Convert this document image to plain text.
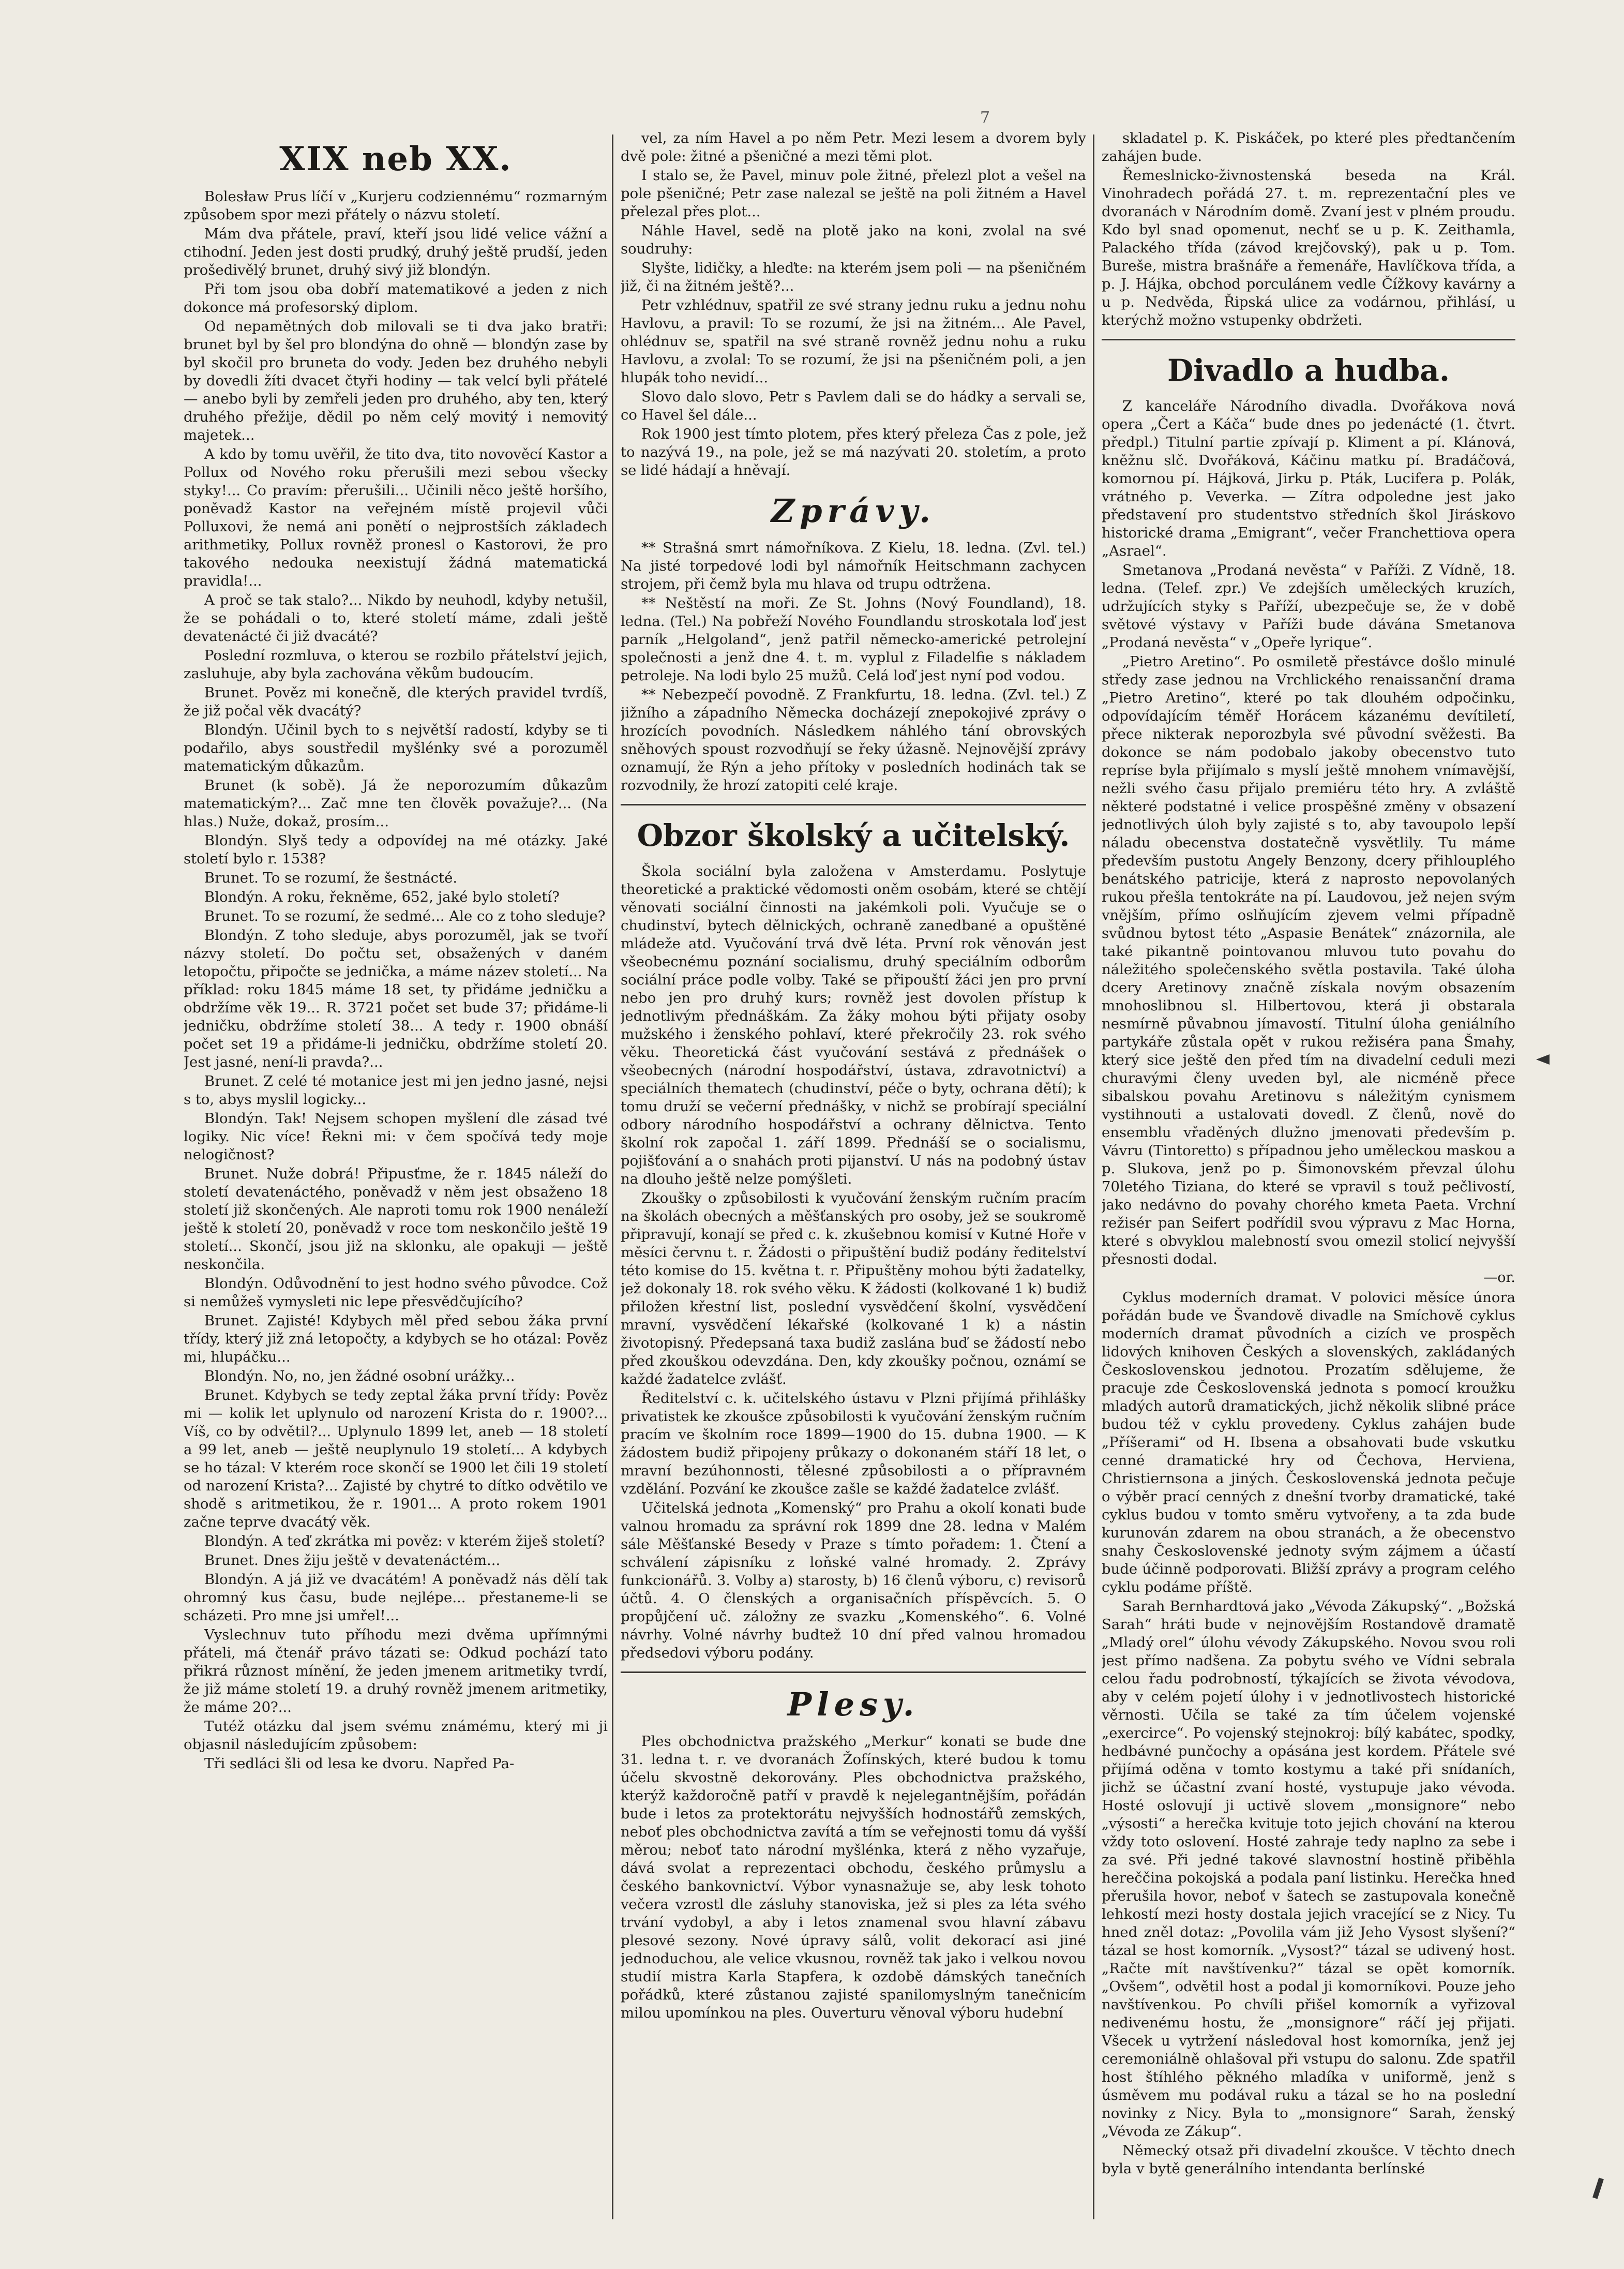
7
XIX neb XX.

Bolesław Prus líčí v „Kurjeru codziennému“ rozmarným způsobem spor mezi přátely o názvu století.

Mám dva přátele, praví, kteří jsou lidé velice vážní a ctihodní. Jeden jest dosti prudký, druhý ještě prudší, jeden prošedivělý brunet, druhý sivý již blondýn.

Při tom jsou oba dobří matematikové a jeden z nich dokonce má profesorský diplom.

Od nepamětných dob milovali se ti dva jako bratři: brunet byl by šel pro blondýna do ohně — blondýn zase by byl skočil pro bruneta do vody. Jeden bez druhého nebyli by dovedli žíti dvacet čtyři hodiny — tak velcí byli přátelé — anebo byli by zemřeli jeden pro druhého, aby ten, který druhého přežije, dědil po něm celý movitý i nemovitý majetek...

A kdo by tomu uvěřil, že tito dva, tito novověcí Kastor a Pollux od Nového roku přerušili mezi sebou všecky styky!... Co pravím: přerušili... Učinili něco ještě horšího, poněvadž Kastor na veřejném místě projevil vůči Polluxovi, že nemá ani ponětí o nejprostších základech arithmetiky, Pollux rovněž pronesl o Kastorovi, že pro takového nedouka neexistují žádná matematická pravidla!...

A proč se tak stalo?... Nikdo by neuhodl, kdyby netušil, že se pohádali o to, které století máme, zdali ještě devatenácté či již dvacáté?

Poslední rozmluva, o kterou se rozbilo přátelství jejich, zasluhuje, aby byla zachována věkům budoucím.

Brunet. Pověz mi konečně, dle kterých pravidel tvrdíš, že již počal věk dvacátý?

Blondýn. Učinil bych to s největší radostí, kdyby se ti podařilo, abys soustředil myšlénky své a porozuměl matematickým důkazům.

Brunet (k sobě). Já že neporozumím důkazům matematickým?... Zač mne ten člověk považuje?... (Na hlas.) Nuže, dokaž, prosím...

Blondýn. Slyš tedy a odpovídej na mé otázky. Jaké století bylo r. 1538?

Brunet. To se rozumí, že šestnácté.

Blondýn. A roku, řekněme, 652, jaké bylo století?

Brunet. To se rozumí, že sedmé... Ale co z toho sleduje?

Blondýn. Z toho sleduje, abys porozuměl, jak se tvoří názvy století. Do počtu set, obsažených v daném letopočtu, připočte se jednička, a máme název století... Na příklad: roku 1845 máme 18 set, ty přidáme jedničku a obdržíme věk 19... R. 3721 počet set bude 37; přidáme-li jedničku, obdržíme století 38... A tedy r. 1900 obnáší počet set 19 a přidáme-li jedničku, obdržíme století 20. Jest jasné, není-li pravda?...

Brunet. Z celé té motanice jest mi jen jedno jasné, nejsi s to, abys myslil logicky...

Blondýn. Tak! Nejsem schopen myšlení dle zásad tvé logiky. Nic více! Řekni mi: v čem spočívá tedy moje nelogičnost?

Brunet. Nuže dobrá! Připusťme, že r. 1845 náleží do století devatenáctého, poněvadž v něm jest obsaženo 18 století již skončených. Ale naproti tomu rok 1900 nenáleží ještě k století 20, poněvadž v roce tom neskončilo ještě 19 století... Skončí, jsou již na sklonku, ale opakuji — ještě neskončila.

Blondýn. Odůvodnění to jest hodno svého původce. Což si nemůžeš vymysleti nic lepe přesvědčujícího?

Brunet. Zajisté! Kdybych měl před sebou žáka první třídy, který již zná letopočty, a kdybych se ho otázal: Pověz mi, hlupáčku...

Blondýn. No, no, jen žádné osobní urážky...

Brunet. Kdybych se tedy zeptal žáka první třídy: Pověz mi — kolik let uplynulo od narození Krista do r. 1900?... Víš, co by odvětil?... Uplynulo 1899 let, aneb — 18 století a 99 let, aneb — ještě neuplynulo 19 století... A kdybych se ho tázal: V kterém roce skončí se 1900 let čili 19 století od narození Krista?... Zajisté by chytré to dítko odvětilo ve shodě s aritmetikou, že r. 1901... A proto rokem 1901 začne teprve dvacátý věk.

Blondýn. A teď zkrátka mi pověz: v kterém žiješ století?

Brunet. Dnes žiju ještě v devatenáctém...

Blondýn. A já již ve dvacátém! A poněvadž nás dělí tak ohromný kus času, bude nejlépe... přestaneme-li se scházeti. Pro mne jsi umřel!...

Vyslechnuv tuto příhodu mezi dvěma upřímnými přáteli, má čtenář právo tázati se: Odkud pochází tato přikrá různost mínění, že jeden jmenem aritmetiky tvrdí, že již máme století 19. a druhý rovněž jmenem aritmetiky, že máme 20?...

Tutéž otázku dal jsem svému známému, který mi ji objasnil následujícím způsobem:

Tři sedláci šli od lesa ke dvoru. Napřed Pa-

vel, za ním Havel a po něm Petr. Mezi lesem a dvorem byly dvě pole: žitné a pšeničné a mezi těmi plot.

I stalo se, že Pavel, minuv pole žitné, přelezl plot a vešel na pole pšeničné; Petr zase nalezal se ještě na poli žitném a Havel přelezal přes plot...

Náhle Havel, sedě na plotě jako na koni, zvolal na své soudruhy:

Slyšte, lidičky, a hleďte: na kterém jsem poli — na pšeničném již, či na žitném ještě?...

Petr vzhlédnuv, spatřil ze své strany jednu ruku a jednu nohu Havlovu, a pravil: To se rozumí, že jsi na žitném... Ale Pavel, ohlédnuv se, spatřil na své straně rovněž jednu nohu a ruku Havlovu, a zvolal: To se rozumí, že jsi na pšeničném poli, a jen hlupák toho nevidí...

Slovo dalo slovo, Petr s Pavlem dali se do hádky a servali se, co Havel šel dále...

Rok 1900 jest tímto plotem, přes který přeleza Čas z pole, jež to nazývá 19., na pole, jež se má nazývati 20. stoletím, a proto se lidé hádají a hněvají.

Zprávy.

** Strašná smrt námořníkova. Z Kielu, 18. ledna. (Zvl. tel.) Na jisté torpedové lodi byl námořník Heitschmann zachycen strojem, při čemž byla mu hlava od trupu odtržena.

** Neštěstí na moři. Ze St. Johns (Nový Foundland), 18. ledna. (Tel.) Na pobřeží Nového Foundlandu stroskotala loď jest parník „Helgoland“, jenž patřil německo-americké petrolejní společnosti a jenž dne 4. t. m. vyplul z Filadelfie s nákladem petroleje. Na lodi bylo 25 mužů. Celá loď jest nyní pod vodou.

** Nebezpečí povodně. Z Frankfurtu, 18. ledna. (Zvl. tel.) Z jižního a západního Německa docházejí znepokojivé zprávy o hrozících povodních. Následkem náhlého tání obrovských sněhových spoust rozvodňují se řeky úžasně. Nejnovější zprávy oznamují, že Rýn a jeho přítoky v posledních hodinách tak se rozvodnily, že hrozí zatopiti celé kraje.

Obzor školský a učitelský.

Škola sociální byla založena v Amsterdamu. Poslytuje theoretické a praktické vědomosti oněm osobám, které se chtějí věnovati sociální činnosti na jakémkoli poli. Vyučuje se o chudinství, bytech dělnických, ochraně zanedbané a opuštěné mládeže atd. Vyučování trvá dvě léta. První rok věnován jest všeobecnému poznání socialismu, druhý speciálním odborům sociální práce podle volby. Také se připouští žáci jen pro první nebo jen pro druhý kurs; rovněž jest dovolen přístup k jednotlivým přednáškám. Za žáky mohou býti přijaty osoby mužského i ženského pohlaví, které překročily 23. rok svého věku. Theoretická část vyučování sestává z přednášek o všeobecných (národní hospodářství, ústava, zdravotnictví) a speciálních thematech (chudinství, péče o byty, ochrana dětí); k tomu druží se večerní přednášky, v nichž se probírají speciální odbory národního hospodářství a ochrany dělnictva. Tento školní rok započal 1. září 1899. Přednáší se o socialismu, pojišťování a o snahách proti pijanství. U nás na podobný ústav na dlouho ještě nelze pomýšleti.

Zkoušky o způsobilosti k vyučování ženským ručním pracím na školách obecných a měšťanských pro osoby, jež se soukromě připravují, konají se před c. k. zkušebnou komisí v Kutné Hoře v měsíci červnu t. r. Žádosti o připuštění budiž podány ředitelství této komise do 15. května t. r. Připuštěny mohou býti žadatelky, jež dokonaly 18. rok svého věku. K žádosti (kolkované 1 k) budiž přiložen křestní list, poslední vysvědčení školní, vysvědčení mravní, vysvědčení lékařské (kolkované 1 k) a nástin životopisný. Předepsaná taxa budiž zaslána buď se žádostí nebo před zkouškou odevzdána. Den, kdy zkoušky počnou, oznámí se každé žadatelce zvlášť.

Ředitelství c. k. učitelského ústavu v Plzni přijímá přihlášky privatistek ke zkoušce způsobilosti k vyučování ženským ručním pracím ve školním roce 1899—1900 do 15. dubna 1900. — K žádostem budiž připojeny průkazy o dokonaném stáří 18 let, o mravní bezúhonnosti, tělesné způsobilosti a o přípravném vzdělání. Pozvání ke zkoušce zašle se každé žadatelce zvlášť.

Učitelská jednota „Komenský“ pro Prahu a okolí konati bude valnou hromadu za správní rok 1899 dne 28. ledna v Malém sále Měšťanské Besedy v Praze s tímto pořadem: 1. Čtení a schválení zápisníku z loňské valné hromady. 2. Zprávy funkcionářů. 3. Volby a) starosty, b) 16 členů výboru, c) revisorů účtů. 4. O členských a organisačních příspěvcích. 5. O propůjčení uč. záložny ze svazku „Komenského“. 6. Volné návrhy. Volné návrhy budtež 10 dní před valnou hromadou předsedovi výboru podány.

Plesy.

Ples obchodnictva pražského „Merkur“ konati se bude dne 31. ledna t. r. ve dvoranách Žofínských, které budou k tomu účelu skvostně dekorovány. Ples obchodnictva pražského, kterýž každoročně patří v pravdě k nejelegantnějším, pořádán bude i letos za protektorátu nejvyšších hodnostářů zemských, neboť ples obchodnictva zavítá a tím se veřejnosti tomu dá vyšší měrou; neboť tato národní myšlénka, která z něho vyzařuje, dává svolat a reprezentaci obchodu, českého průmyslu a českého bankovnictví. Výbor vynasnažuje se, aby lesk tohoto večera vzrostl dle zásluhy stanoviska, jež si ples za léta svého trvání vydobyl, a aby i letos znamenal svou hlavní zábavu plesové sezony. Nové úpravy sálů, volit dekorací asi jiné jednoduchou, ale velice vkusnou, rovněž tak jako i velkou novou studií mistra Karla Stapfera, k ozdobě dámských tanečních pořádků, které zůstanou zajisté spanilomyslným tanečnicím milou upomínkou na ples. Ouverturu věnoval výboru hudební

skladatel p. K. Piskáček, po které ples předtančením zahájen bude.

Řemeslnicko-živnostenská beseda na Král. Vinohradech pořádá 27. t. m. reprezentační ples ve dvoranách v Národním domě. Zvaní jest v plném proudu. Kdo byl snad opomenut, nechť se u p. K. Zeithamla, Palackého třída (závod krejčovský), pak u p. Tom. Bureše, mistra brašnáře a řemenáře, Havlíčkova třída, a p. J. Hájka, obchod porculánem vedle Čížkovy kavárny a u p. Nedvěda, Řipská ulice za vodárnou, přihlásí, u kterýchž možno vstupenky obdržeti.

Divadlo a hudba.

Z kanceláře Národního divadla. Dvořákova nová opera „Čert a Káča“ bude dnes po jedenácté (1. čtvrt. předpl.) Titulní partie zpívají p. Kliment a pí. Klánová, kněžnu slč. Dvořáková, Káčinu matku pí. Bradáčová, komornou pí. Hájková, Jirku p. Pták, Lucifera p. Polák, vrátného p. Veverka. — Zítra odpoledne jest jako představení pro studentstvo středních škol Jiráskovo historické drama „Emigrant“, večer Franchettiova opera „Asrael“.

Smetanova „Prodaná nevěsta“ v Paříži. Z Vídně, 18. ledna. (Telef. zpr.) Ve zdejších uměleckých kruzích, udržujících styky s Paříží, ubezpečuje se, že v době světové výstavy v Paříži bude dávána Smetanova „Prodaná nevěsta“ v „Opeře lyrique“.

„Pietro Aretino“. Po osmiletě přestávce došlo minulé středy zase jednou na Vrchlického renaissanční drama „Pietro Aretino“, které po tak dlouhém odpočinku, odpovídajícím téměř Horácem kázanému devítiletí, přece nikterak neporozbyla své původní svěžesti. Ba dokonce se nám podobalo jakoby obecenstvo tuto repríse byla přijímalo s myslí ještě mnohem vnímavější, nežli svého času přijalo premiéru této hry. A zvláště některé podstatné i velice prospěšné změny v obsazení jednotlivých úloh byly zajisté s to, aby tavoupolo lepší náladu obecenstva dostatečně vysvětlily. Tu máme především pustotu Angely Benzony, dcery přihlouplého benátského patricije, která z naprosto nepovolaných rukou přešla tentokráte na pí. Laudovou, jež nejen svým vnějším, přímo oslňujícím zjevem velmi případně svůdnou bytost této „Aspasie Benátek“ znázornila, ale také pikantně pointovanou mluvou tuto povahu do náležitého společenského světla postavila. Také úloha dcery Aretinovy značně získala novým obsazením mnohoslibnou sl. Hilbertovou, která ji obstarala nesmírně půvabnou jímavostí. Titulní úloha geniálního partykáře zůstala opět v rukou režiséra pana Šmahy, který sice ještě den před tím na divadelní ceduli mezi churavými členy uveden byl, ale nicméně přece sibalskou povahu Aretinovu s náležitým cynismem vystihnouti a ustalovati dovedl. Z členů, nově do ensemblu vřaděných dlužno jmenovati především p. Vávru (Tintoretto) s případnou jeho uměleckou maskou a p. Slukova, jenž po p. Šimonovském převzal úlohu 70letého Tiziana, do které se vpravil s touž pečlivostí, jako nedávno do povahy chorého kmeta Paeta. Vrchní režisér pan Seifert podřídil svou výpravu z Mac Horna, které s obvyklou malebností svou omezil stolicí nejvyšší přesnosti dodal.

—or.

Cyklus moderních dramat. V polovici měsíce února pořádán bude ve Švandově divadle na Smíchově cyklus moderních dramat původních a cizích ve prospěch lidových knihoven Českých a slovenských, zakládaných Československou jednotou. Prozatím sdělujeme, že pracuje zde Československá jednota s pomocí kroužku mladých autorů dramatických, jichž několik slibné práce budou též v cyklu provedeny. Cyklus zahájen bude „Příšerami“ od H. Ibsena a obsahovati bude vskutku cenné dramatické hry od Čechova, Herviena, Christiernsona a jiných. Československá jednota pečuje o výběr prací cenných z dnešní tvorby dramatické, také cyklus budou v tomto směru vytvořeny, a ta zda bude kurunován zdarem na obou stranách, a že obecenstvo snahy Československé jednoty svým zájmem a účastí bude účinně podporovati. Bližší zprávy a program celého cyklu podáme příště.

Sarah Bernhardtová jako „Vévoda Zákupský“. „Božská Sarah“ hráti bude v nejnovějším Rostandově dramatě „Mladý orel“ úlohu vévody Zákupského. Novou svou roli jest přímo nadšena. Za pobytu svého ve Vídni sebrala celou řadu podrobností, týkajících se života vévodova, aby v celém pojetí úlohy i v jednotlivostech historické věrnosti. Učila se také za tím účelem vojenské „exercirce“. Po vojenský stejnokroj: bílý kabátec, spodky, hedbávné punčochy a opásána jest kordem. Přátele své přijímá oděna v tomto kostymu a také při snídaních, jichž se účastní zvaní hosté, vystupuje jako vévoda. Hosté oslovují ji uctivě slovem „monsignore“ nebo „výsosti“ a herečka kvituje toto jejich chování na kterou vždy toto oslovení. Hosté zahraje tedy naplno za sebe i za své. Při jedné takové slavnostní hostině přiběhla hereččina pokojská a podala paní listinku. Herečka hned přerušila hovor, neboť v šatech se zastupovala konečně lehkostí mezi hosty dostala jejich vracející se z Nicy. Tu hned zněl dotaz: „Povolila vám již Jeho Vysost slyšení?“ tázal se host komorník. „Vysost?“ tázal se udivený host. „Račte mít navštívenku?“ tázal se opět komorník. „Ovšem“, odvětil host a podal ji komorníkovi. Pouze jeho navštívenkou. Po chvíli přišel komorník a vyřizoval nedivenému hostu, že „monsignore“ ráčí jej přijati. Všecek u vytržení následoval host komorníka, jenž jej ceremoniálně ohlašoval při vstupu do salonu. Zde spatřil host štíhlého pěkného mladíka v uniformě, jenž s úsměvem mu podával ruku a tázal se ho na poslední novinky z Nicy. Byla to „monsignore“ Sarah, ženský „Vévoda ze Zákup“.

Německý otsaž při divadelní zkoušce. V těchto dnech byla v bytě generálního intendanta berlínské
